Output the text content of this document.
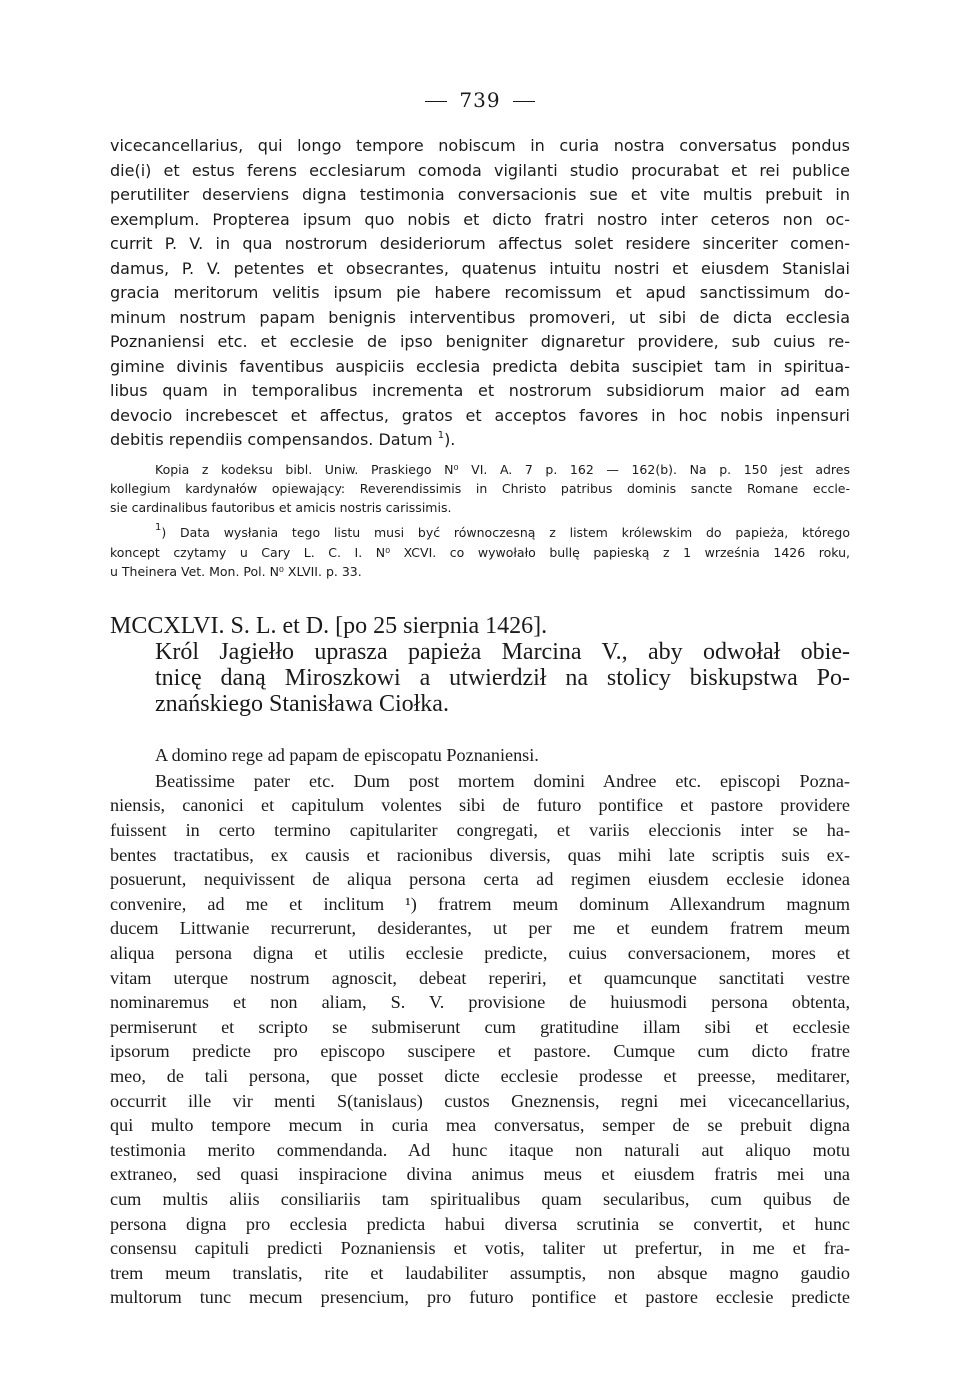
739
vicecancellarius, qui longo tempore nobiscum in curia nostra conversatus pondus
die(i) et estus ferens ecclesiarum comoda vigilanti studio procurabat et rei publice
perutiliter deserviens digna testimonia conversacionis sue et vite multis prebuit in
exemplum. Propterea ipsum quo nobis et dicto fratri nostro inter ceteros non oc-
currit P. V. in qua nostrorum desideriorum affectus solet residere sinceriter comen-
damus, P. V. petentes et obsecrantes, quatenus intuitu nostri et eiusdem Stanislai
gracia meritorum velitis ipsum pie habere recomissum et apud sanctissimum do-
minum nostrum papam benignis interventibus promoveri, ut sibi de dicta ecclesia
Poznaniensi etc. et ecclesie de ipso benigniter dignaretur providere, sub cuius re-
gimine divinis faventibus auspiciis ecclesia predicta debita suscipiet tam in spiritua-
libus quam in temporalibus incrementa et nostrorum subsidiorum maior ad eam
devocio increbescet et affectus, gratos et acceptos favores in hoc nobis inpensuri
debitis rependiis compensandos. Datum $^1$).
Kopia z kodeksu bibl. Uniw. Praskiego N⁰ VI. A. 7 p. 162 — 162(b). Na p. 150 jest adres
kollegium kardynałów opiewający: Reverendissimis in Christo patribus dominis sancte Romane eccle-
sie cardinalibus fautoribus et amicis nostris carissimis.
$^1$) Data wysłania tego listu musi być równoczesną z listem królewskim do papieża, którego
koncept czytamy u Cary L. C. I. N⁰ XCVI. co wywołało bullę papieską z 1 września 1426 roku,
u Theinera Vet. Mon. Pol. N⁰ XLVII. p. 33.
MCCXLVI. S. L. et D. [po 25 sierpnia 1426].
Król Jagiełło uprasza papieża Marcina V., aby odwołał obie-
tnicę daną Miroszkowi a utwierdził na stolicy biskupstwa Po-
znańskiego Stanisława Ciołka.
A domino rege ad papam de episcopatu Poznaniensi.
Beatissime pater etc. Dum post mortem domini Andree etc. episcopi Pozna-
niensis, canonici et capitulum volentes sibi de futuro pontifice et pastore providere
fuissent in certo termino capitulariter congregati, et variis eleccionis inter se ha-
bentes tractatibus, ex causis et racionibus diversis, quas mihi late scriptis suis ex-
posuerunt, nequivissent de aliqua persona certa ad regimen eiusdem ecclesie idonea
convenire, ad me et inclitum ¹) fratrem meum dominum Allexandrum magnum
ducem Littwanie recurrerunt, desiderantes, ut per me et eundem fratrem meum
aliqua persona digna et utilis ecclesie predicte, cuius conversacionem, mores et
vitam uterque nostrum agnoscit, debeat reperiri, et quamcunque sanctitati vestre
nominaremus et non aliam, S. V. provisione de huiusmodi persona obtenta,
permiserunt et scripto se submiserunt cum gratitudine illam sibi et ecclesie
ipsorum predicte pro episcopo suscipere et pastore. Cumque cum dicto fratre
meo, de tali persona, que posset dicte ecclesie prodesse et preesse, meditarer,
occurrit ille vir menti S(tanislaus) custos Gneznensis, regni mei vicecancellarius,
qui multo tempore mecum in curia mea conversatus, semper de se prebuit digna
testimonia merito commendanda. Ad hunc itaque non naturali aut aliquo motu
extraneo, sed quasi inspiracione divina animus meus et eiusdem fratris mei una
cum multis aliis consiliariis tam spiritualibus quam secularibus, cum quibus de
persona digna pro ecclesia predicta habui diversa scrutinia se convertit, et hunc
consensu capituli predicti Poznaniensis et votis, taliter ut prefertur, in me et fra-
trem meum translatis, rite et laudabiliter assumptis, non absque magno gaudio
multorum tunc mecum presencium, pro futuro pontifice et pastore ecclesie predicte
